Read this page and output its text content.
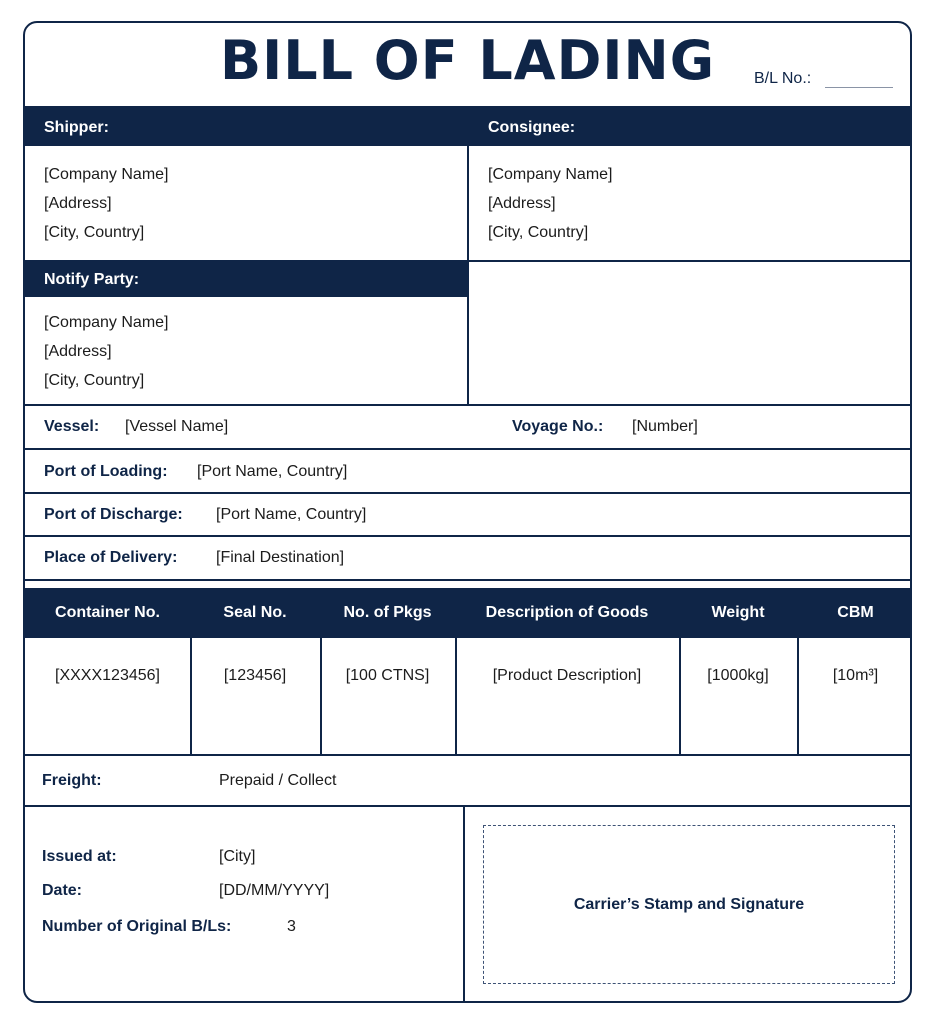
BILL OF LADING	B/L No.:
Shipper:	Consignee:
[Company Name]
[Address]
[City, Country]
[Company Name]
[Address]
[City, Country]
Notify Party:
[Company Name]
[Address]
[City, Country]
Vessel: [Vessel Name]	Voyage No.: [Number]
Port of Loading: [Port Name, Country]
Port of Discharge: [Port Name, Country]
Place of Delivery: [Final Destination]
Container No.	Seal No.	No. of Pkgs	Description of Goods	Weight	CBM
[XXXX123456]	[123456]	[100 CTNS]	[Product Description]	[1000kg]	[10m³]
Freight:	Prepaid / Collect
Issued at:	[City]
Date:	[DD/MM/YYYY]
Number of Original B/Ls:	3
Carrier’s Stamp and Signature
